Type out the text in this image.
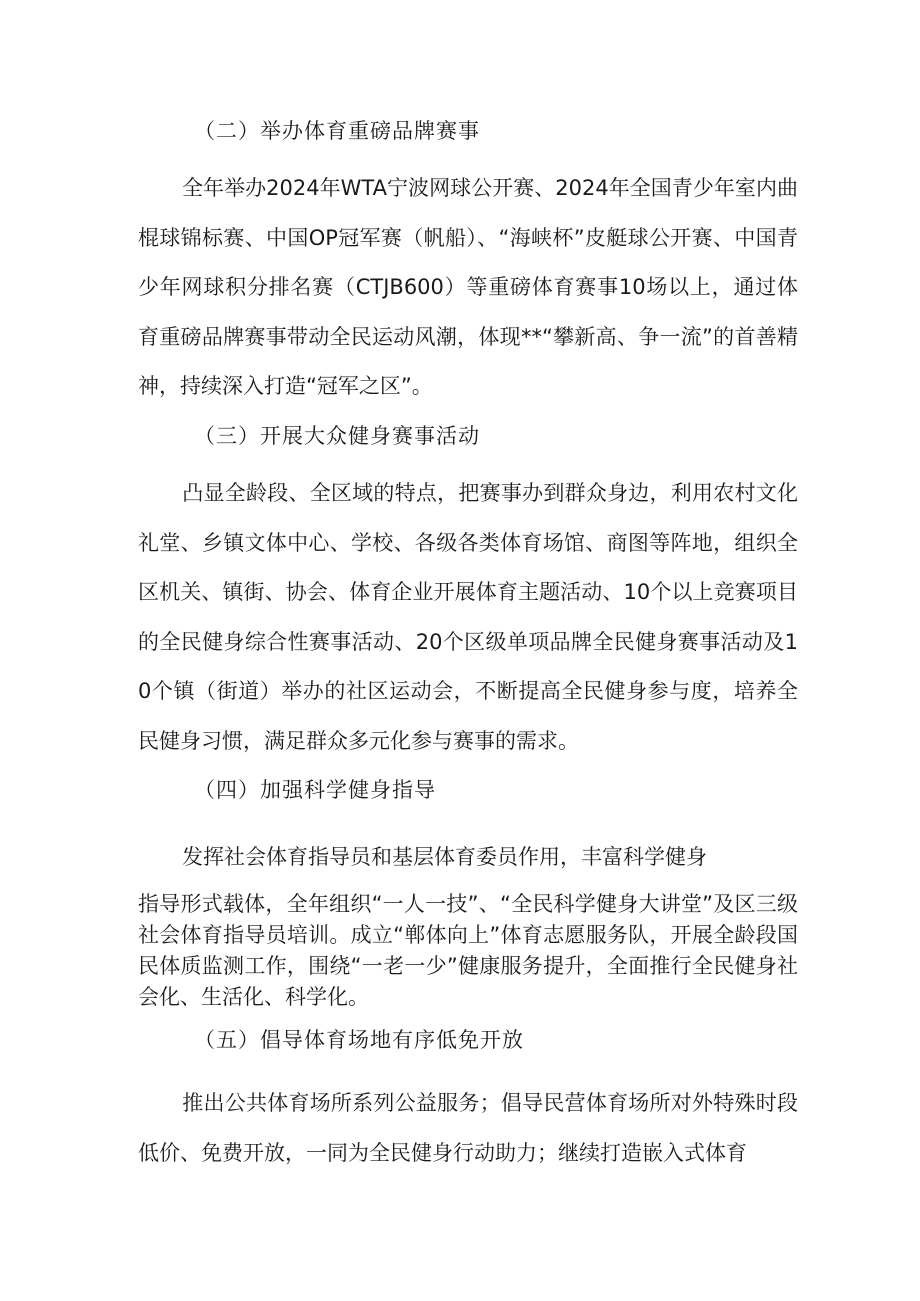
（二）举办体育重磅品牌赛事
全年举办2024年WTA宁波网球公开赛、2024年全国青少年室内曲棍球锦标赛、中国OP冠军赛（帆船）、“海峡杯”皮艇球公开赛、中国青少年网球积分排名赛（CTJB600）等重磅体育赛事10场以上，通过体育重磅品牌赛事带动全民运动风潮，体现**“攀新高、争一流”的首善精神，持续深入打造“冠军之区”。
（三）开展大众健身赛事活动
凸显全龄段、全区域的特点，把赛事办到群众身边，利用农村文化礼堂、乡镇文体中心、学校、各级各类体育场馆、商图等阵地，组织全区机关、镇街、协会、体育企业开展体育主题活动、10个以上竞赛项目的全民健身综合性赛事活动、20个区级单项品牌全民健身赛事活动及10个镇（街道）举办的社区运动会，不断提高全民健身参与度，培养全民健身习惯，满足群众多元化参与赛事的需求。
（四）加强科学健身指导
发挥社会体育指导员和基层体育委员作用，丰富科学健身
指导形式载体，全年组织“一人一技”、“全民科学健身大讲堂”及区三级社会体育指导员培训。成立“郸体向上”体育志愿服务队，开展全龄段国民体质监测工作，围绕“一老一少”健康服务提升，全面推行全民健身社会化、生活化、科学化。
（五）倡导体育场地有序低免开放
推出公共体育场所系列公益服务；倡导民营体育场所对外特殊时段低价、免费开放，一同为全民健身行动助力；继续打造嵌入式体育
